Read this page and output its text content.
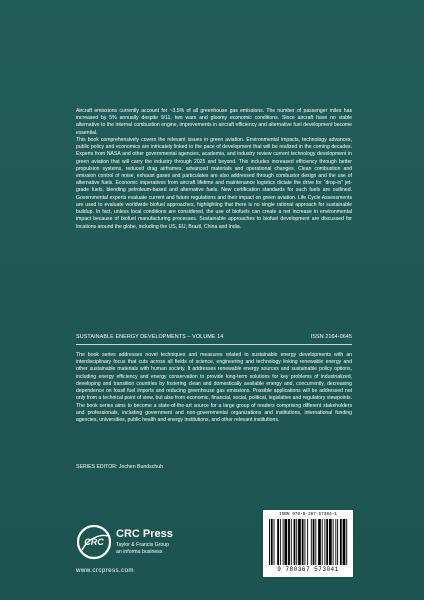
Aircraft emissions currently account for ~3.5% of all greenhouse gas emissions. The number of passenger miles has increased by 5% annually despite 9/11, two wars and gloomy economic conditions. Since aircraft have no viable alternative to the internal combustion engine, improvements in aircraft efficiency and alternative fuel development become essential.

This book comprehensively covers the relevant issues in green aviation. Environmental impacts, technology advances, public policy and economics are intricately linked to the pace of development that will be realized in the coming decades. Experts from NASA and other governmental agencies, academia, and industry review current technology development in green aviation that will carry the industry through 2025 and beyond. This includes increased efficiency through better propulsion systems, reduced drag airframes, advanced materials and operational changes. Clean combustion and emission control of noise, exhaust gases and particulates are also addressed through combustor design and the use of alternative fuels. Economic imperatives from aircraft lifetime and maintenance logistics dictate the drive for “drop-in” jet-grade fuels, blending petroleum-based and alternative fuels. New certification standards for such fuels are outlined. Governmental experts evaluate current and future regulations and their impact on green aviation. Life Cycle Assessments are used to evaluate worldwide biofuel approaches, highlighting that there is no single rational approach for sustainable buildup. In fact, unless local conditions are considered, the use of biofuels can create a net increase in environmental impact because of biofuel manufacturing processes. Sustainable approaches to biofuel development are discussed for locations around the globe, including the US, EU, Brazil, China and India.

SUSTAINABLE ENERGY DEVELOPMENTS – VOLUME 14	ISSN 2164-0645

The book series addresses novel techniques and measures related to sustainable energy developments with an interdisciplinary focus that cuts across all fields of science, engineering and technology linking renewable energy and other sustainable materials with human society. It addresses renewable energy sources and sustainable policy options, including energy efficiency and energy conservation to provide long-term solutions for key problems of industrialized, developing and transition countries by fostering clean and domestically available energy and, concurrently, decreasing dependence on fossil fuel imports and reducing greenhouse gas emissions. Possible applications will be addressed not only from a technical point of view, but also from economic, financial, social, political, legislative and regulatory viewpoints. The book series aims to become a state-of-the-art source for a large group of readers comprising different stakeholders and professionals, including government and non-governmental organizations and institutions, international funding agencies, universities, public health and energy institutions, and other relevant institutions.

SERIES EDITOR: Jochen Bundschuh
CRC
CRC Press
Taylor & Francis Group
an informa business
www.crcpress.com
ISBN 978-0-367-57304-1
9 780367 573041
